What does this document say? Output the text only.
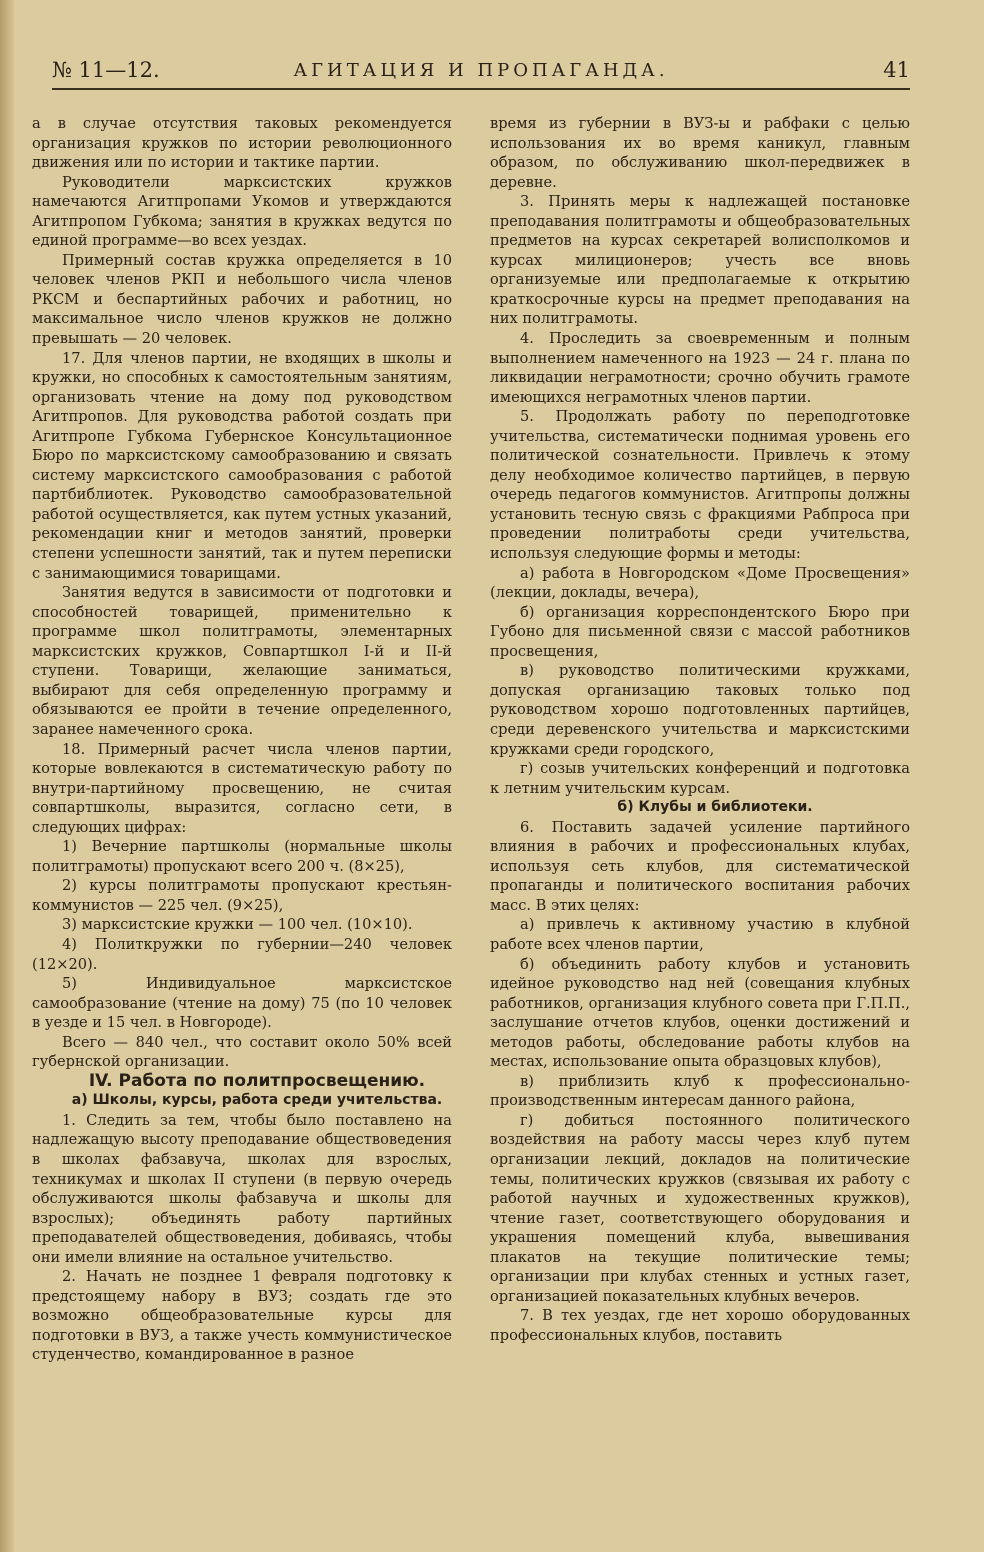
№ 11—12.	АГИТАЦИЯ И ПРОПАГАНДА.	41

а в случае отсутствия таковых рекомендуется организация кружков по истории революционного движения или по истории и тактике партии.

Руководители марксистских кружков намечаются Агитпропами Укомов и утверждаются Агитпропом Губкома; занятия в кружках ведутся по единой программе—во всех уездах.

Примерный состав кружка определяется в 10 человек членов РКП и небольшого числа членов РКСМ и беспартийных рабочих и работниц, но максимальное число членов кружков не должно превышать — 20 человек.

17. Для членов партии, не входящих в школы и кружки, но способных к самостоятельным занятиям, организовать чтение на дому под руководством Агитпропов. Для руководства работой создать при Агитпропе Губкома Губернское Консультационное Бюро по марксистскому самообразованию и связать систему марксистского самообразования с работой партбиблиотек. Руководство самообразовательной работой осуществляется, как путем устных указаний, рекомендации книг и методов занятий, проверки степени успешности занятий, так и путем переписки с занимающимися товарищами.

Занятия ведутся в зависимости от подготовки и способностей товарищей, применительно к программе школ политграмоты, элементарных марксистских кружков, Совпартшкол I-й и II-й ступени. Товарищи, желающие заниматься, выбирают для себя определенную программу и обязываются ее пройти в течение определенного, заранее намеченного срока.

18. Примерный расчет числа членов партии, которые вовлекаются в систематическую работу по внутри-партийному просвещению, не считая совпартшколы, выразится, согласно сети, в следующих цифрах:

1) Вечерние партшколы (нормальные школы политграмоты) пропускают всего 200 ч. (8×25),

2) курсы политграмоты пропускают крестьян-коммунистов — 225 чел. (9×25),

3) марксистские кружки — 100 чел. (10×10).

4) Политкружки по губернии—240 человек (12×20).

5) Индивидуальное марксистское самообразование (чтение на дому) 75 (по 10 человек в уезде и 15 чел. в Новгороде).

Всего — 840 чел., что составит около 50% всей губернской организации.

IV. Работа по политпросвещению.

а) Школы, курсы, работа среди учительства.

1. Следить за тем, чтобы было поставлено на надлежащую высоту преподавание обществоведения в школах фабзавуча, школах для взрослых, техникумах и школах II ступени (в первую очередь обслуживаются школы фабзавуча и школы для взрослых); объединять работу партийных преподавателей обществоведения, добиваясь, чтобы они имели влияние на остальное учительство.

2. Начать не позднее 1 февраля подготовку к предстоящему набору в ВУЗ; создать где это возможно общеобразовательные курсы для подготовки в ВУЗ, а также учесть коммунистическое студенчество, командированное в разное

время из губернии в ВУЗ-ы и рабфаки с целью использования их во время каникул, главным образом, по обслуживанию школ-передвижек в деревне.

3. Принять меры к надлежащей постановке преподавания политграмоты и общеобразовательных предметов на курсах секретарей волисполкомов и курсах милиционеров; учесть все вновь организуемые или предполагаемые к открытию краткосрочные курсы на предмет преподавания на них политграмоты.

4. Проследить за своевременным и полным выполнением намеченного на 1923 — 24 г. плана по ликвидации неграмотности; срочно обучить грамоте имеющихся неграмотных членов партии.

5. Продолжать работу по переподготовке учительства, систематически поднимая уровень его политической сознательности. Привлечь к этому делу необходимое количество партийцев, в первую очередь педагогов коммунистов. Агитпропы должны установить тесную связь с фракциями Рабпроса при проведении политработы среди учительства, используя следующие формы и методы:

а) работа в Новгородском «Доме Просвещения» (лекции, доклады, вечера),

б) организация корреспондентского Бюро при Губоно для письменной связи с массой работников просвещения,

в) руководство политическими кружками, допуская организацию таковых только под руководством хорошо подготовленных партийцев, среди деревенского учительства и марксистскими кружками среди городского,

г) созыв учительских конференций и подготовка к летним учительским курсам.

б) Клубы и библиотеки.

6. Поставить задачей усиление партийного влияния в рабочих и профессиональных клубах, используя сеть клубов, для систематической пропаганды и политического воспитания рабочих масс. В этих целях:

а) привлечь к активному участию в клубной работе всех членов партии,

б) объединить работу клубов и установить идейное руководство над ней (совещания клубных работников, организация клубного совета при Г.П.П., заслушание отчетов клубов, оценки достижений и методов работы, обследование работы клубов на местах, использование опыта образцовых клубов),

в) приблизить клуб к профессионально-производственным интересам данного района,

г) добиться постоянного политического воздействия на работу массы через клуб путем организации лекций, докладов на политические темы, политических кружков (связывая их работу с работой научных и художественных кружков), чтение газет, соответствующего оборудования и украшения помещений клуба, вывешивания плакатов на текущие политические темы; организации при клубах стенных и устных газет, организацией показательных клубных вечеров.

7. В тех уездах, где нет хорошо оборудованных профессиональных клубов, поставить
